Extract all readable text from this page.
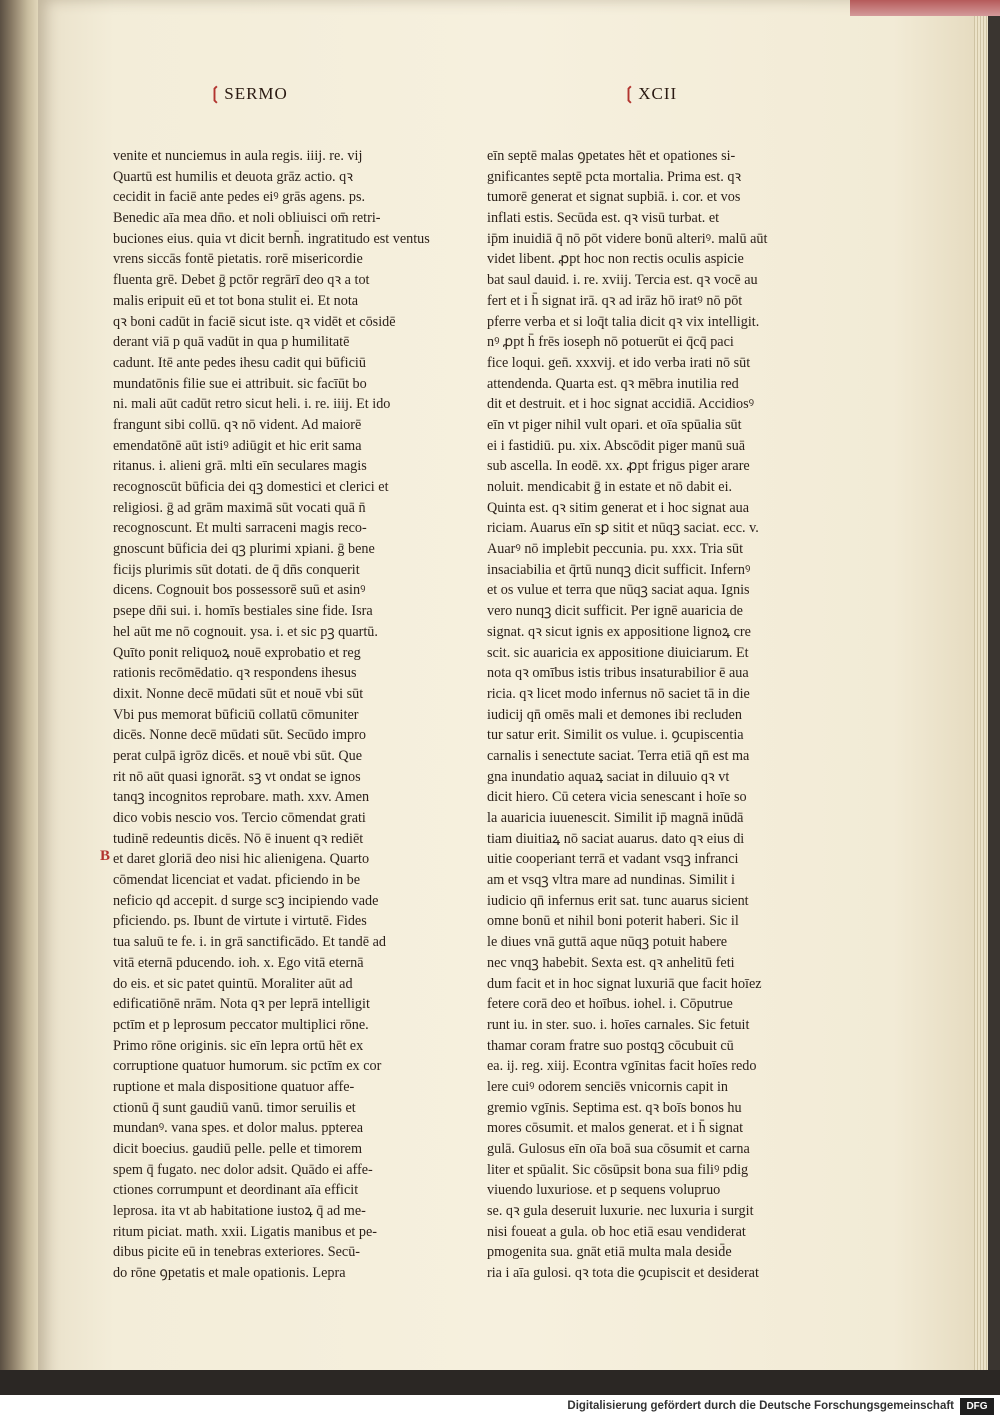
❲SERMO	❲XCII
B
venite et nunciemus in aula regis. iiij. re. vij
Quartū est humilis et deuota grāz actio. qꝛ
cecidit in faciē ante pedes eiꝰ grās agens. ps.
Benedic aīa mea dn̄o. et noli obliuisci om̄ retri-
buciones eius. quia vt dicit bernh̄. ingratitudo est ventus
vrens siccās fontē pietatis. rorē misericordie
fluenta grē. Debet ḡ pctōr regrārī deo qꝛ a tot
malis eripuit eū et tot bona stulit ei. Et nota
qꝛ boni cadūt in faciē sicut iste. qꝛ vidēt et cōsidē
derant viā p quā vadūt in qua p humilitatē
cadunt. Itē ante pedes ihesu cadit qui būficiū
mundatōnis filie sue ei attribuit. sic facīūt bo
ni. mali aūt cadūt retro sicut heli. i. re. iiij. Et ido
frangunt sibi collū. qꝛ nō vident. Ad maiorē
emendatōnē aūt istiꝰ adiūgit et hic erit sama
ritanus. i. alieni grā. mlti eīn seculares magis
recognoscūt būficia dei qꝫ domestici et clerici et
religiosi. ḡ ad grām maximā sūt vocati quā n̄
recognoscunt. Et multi sarraceni magis reco-
gnoscunt būficia dei qꝫ plurimi xpiani. ḡ bene
ficijs plurimis sūt dotati. de q̄ dn̄s conquerit
dicens. Cognouit bos possessorē suū et asinꝰ
psepe dn̄i sui. i. homīs bestiales sine fide. Isra
hel aūt me nō cognouit. ysa. i. et sic pꝫ quartū.
Quīto ponit reliquoꝝ nouē exprobatio et reg
rationis recōmēdatio. qꝛ respondens ihesus
dixit. Nonne decē mūdati sūt et nouē vbi sūt
Vbi pus memorat būficiū collatū cōmuniter
dicēs. Nonne decē mūdati sūt. Secūdo impro
perat culpā igrōz dicēs. et nouē vbi sūt. Que
rit nō aūt quasi ignorāt. sꝫ vt ondat se ignos
tanqꝫ incognitos reprobare. math. xxv. Amen
dico vobis nescio vos. Tercio cōmendat grati
tudinē redeuntis dicēs. Nō ē inuent qꝛ rediēt
et daret gloriā deo nisi hic alienigena. Quarto
cōmendat licenciat et vadat. pficiendo in be
neficio qd accepit. d surge scꝫ incipiendo vade
pficiendo. ps. Ibunt de virtute i virtutē. Fides
tua saluū te fe. i. in grā sanctificādo. Et tandē ad
vitā eternā pducendo. ioh. x. Ego vitā eternā
do eis. et sic patet quintū. Moraliter aūt ad
edificatiōnē nrām. Nota qꝛ per leprā intelligit
pctīm et p leprosum peccator multiplici rōne.
Primo rōne originis. sic eīn lepra ortū hēt ex
corruptione quatuor humorum. sic pctīm ex cor
ruptione et mala dispositione quatuor affe-
ctionū q̄ sunt gaudiū vanū. timor seruilis et
mundanꝰ. vana spes. et dolor malus. ppterea
dicit boecius. gaudiū pelle. pelle et timorem
spem q̄ fugato. nec dolor adsit. Quādo ei affe-
ctiones corrumpunt et deordinant aīa efficit
leprosa. ita vt ab habitatione iustoꝝ q̄ ad me-
ritum piciat. math. xxii. Ligatis manibus et pe-
dibus picite eū in tenebras exteriores. Secū-
do rōne ꝯpetatis et male opationis. Lepra
eīn septē malas ꝯpetates hēt et opationes si-
gnificantes septē pcta mortalia. Prima est. qꝛ
tumorē generat et signat supbiā. i. cor. et vos
inflati estis. Secūda est. qꝛ visū turbat. et
ip̄m inuidiā q̄ nō pōt videre bonū alteriꝰ. malū aūt
videt libent. ꝓpt hoc non rectis oculis aspicie
bat saul dauid. i. re. xviij. Tercia est. qꝛ vocē au
fert et i h̄ signat irā. qꝛ ad irāz hō iratꝰ nō pōt
pferre verba et si loq̄t talia dicit qꝛ vix intelligit.
nꝰ ꝓpt h̄ frēs ioseph nō potuerūt ei q̄cq̄ paci
fice loqui. gen̄. xxxvij. et ido verba irati nō sūt
attendenda. Quarta est. qꝛ mēbra inutilia red
dit et destruit. et i hoc signat accidiā. Accidiosꝰ
eīn vt piger nihil vult opari. et oīa spūalia sūt
ei i fastidiū. pu. xix. Abscōdit piger manū suā
sub ascella. In eodē. xx. ꝓpt frigus piger arare
noluit. mendicabit ḡ in estate et nō dabit ei.
Quinta est. qꝛ sitim generat et i hoc signat aua
riciam. Auarus eīn sꝑ sitit et nūqꝫ saciat. ecc. v.
Auarꝰ nō implebit peccunia. pu. xxx. Tria sūt
insaciabilia et q̄rtū nunqꝫ dicit sufficit. Infernꝰ
et os vulue et terra que nūqꝫ saciat aqua. Ignis
vero nunqꝫ dicit sufficit. Per ignē auaricia de
signat. qꝛ sicut ignis ex appositione lignoꝝ cre
scit. sic auaricia ex appositione diuiciarum. Et
nota qꝛ omībus istis tribus insaturabilior ē aua
ricia. qꝛ licet modo infernus nō saciet tā in die
iudicij qn̄ omēs mali et demones ibi recluden
tur satur erit. Similit os vulue. i. ꝯcupiscentia
carnalis i senectute saciat. Terra etiā qn̄ est ma
gna inundatio aquaꝝ saciat in diluuio qꝛ vt
dicit hiero. Cū cetera vicia senescant i hoīe so
la auaricia iuuenescit. Similit ip̄ magnā inūdā
tiam diuitiaꝝ nō saciat auarus. dato qꝛ eius di
uitie cooperiant terrā et vadant vsqꝫ infranci
am et vsqꝫ vltra mare ad nundinas. Similit i
iudicio qn̄ infernus erit sat. tunc auarus sicient
omne bonū et nihil boni poterit haberi. Sic il
le diues vnā guttā aque nūqꝫ potuit habere
nec vnqꝫ habebit. Sexta est. qꝛ anhelitū feti
dum facit et in hoc signat luxuriā que facit hoīez
fetere corā deo et hoībus. iohel. i. Cōputrue
runt iu. in ster. suo. i. hoīes carnales. Sic fetuit
thamar coram fratre suo postqꝫ cōcubuit cū
ea. ij. reg. xiij. Econtra vgīnitas facit hoīes redo
lere cuiꝰ odorem senciēs vnicornis capit in
gremio vgīnis. Septima est. qꝛ boīs bonos hu
mores cōsumit. et malos generat. et i h̄ signat
gulā. Gulosus eīn oīa boā sua cōsumit et carna
liter et spūalit. Sic cōsūpsit bona sua filiꝰ pdig
viuendo luxuriose. et p sequens volupruo
se. qꝛ gula deseruit luxurie. nec luxuria i surgit
nisi foueat a gula. ob hoc etiā esau vendiderat
pmogenita sua. gnāt etiā multa mala desid̄e
ria i aīa gulosi. qꝛ tota die ꝯcupiscit et desiderat
Digitalisierung gefördert durch die Deutsche Forschungsgemeinschaft	DFG
